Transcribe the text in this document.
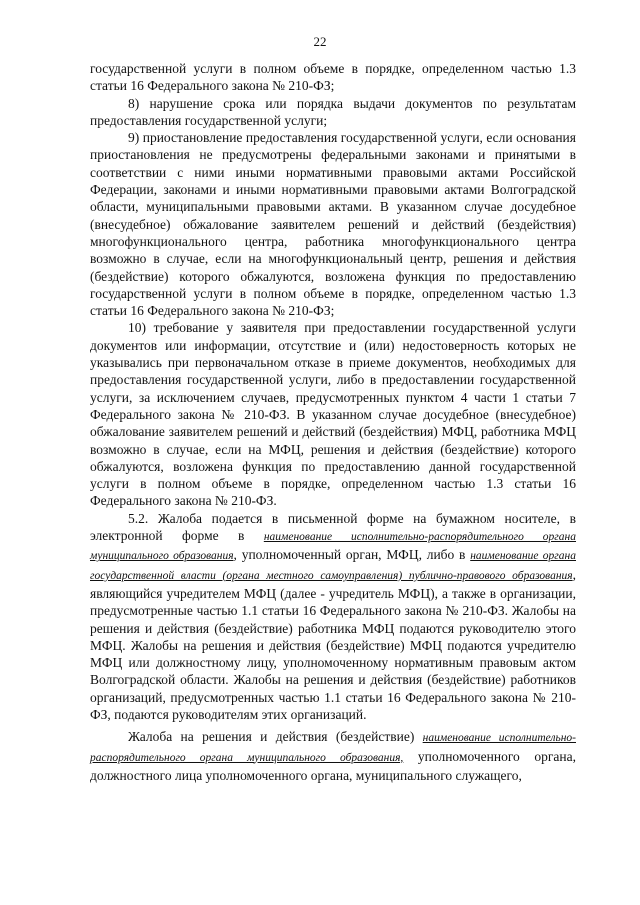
22

государственной услуги в полном объеме в порядке, определенном частью 1.3 статьи 16 Федерального закона № 210-ФЗ;

8) нарушение срока или порядка выдачи документов по результатам предоставления государственной услуги;

9) приостановление предоставления государственной услуги, если основания приостановления не предусмотрены федеральными законами и принятыми в соответствии с ними иными нормативными правовыми актами Российской Федерации, законами и иными нормативными правовыми актами Волгоградской области, муниципальными правовыми актами. В указанном случае досудебное (внесудебное) обжалование заявителем решений и действий (бездействия) многофункционального центра, работника многофункционального центра возможно в случае, если на многофункциональный центр, решения и действия (бездействие) которого обжалуются, возложена функция по предоставлению государственной услуги в полном объеме в порядке, определенном частью 1.3 статьи 16 Федерального закона № 210-ФЗ;

10) требование у заявителя при предоставлении государственной услуги документов или информации, отсутствие и (или) недостоверность которых не указывались при первоначальном отказе в приеме документов, необходимых для предоставления государственной услуги, либо в предоставлении государственной услуги, за исключением случаев, предусмотренных пунктом 4 части 1 статьи 7 Федерального закона № 210-ФЗ. В указанном случае досудебное (внесудебное) обжалование заявителем решений и действий (бездействия) МФЦ, работника МФЦ возможно в случае, если на МФЦ, решения и действия (бездействие) которого обжалуются, возложена функция по предоставлению данной государственной услуги в полном объеме в порядке, определенном частью 1.3 статьи 16 Федерального закона № 210-ФЗ.

5.2. Жалоба подается в письменной форме на бумажном носителе, в электронной форме в наименование исполнительно-распорядительного органа муниципального образования, уполномоченный орган, МФЦ, либо в наименование органа государственной власти (органа местного самоуправления) публично-правового образования, являющийся учредителем МФЦ (далее - учредитель МФЦ), а также в организации, предусмотренные частью 1.1 статьи 16 Федерального закона № 210-ФЗ. Жалобы на решения и действия (бездействие) работника МФЦ подаются руководителю этого МФЦ. Жалобы на решения и действия (бездействие) МФЦ подаются учредителю МФЦ или должностному лицу, уполномоченному нормативным правовым актом Волгоградской области. Жалобы на решения и действия (бездействие) работников организаций, предусмотренных частью 1.1 статьи 16 Федерального закона № 210-ФЗ, подаются руководителям этих организаций.

Жалоба на решения и действия (бездействие) наименование исполнительно-распорядительного органа муниципального образования, уполномоченного органа, должностного лица уполномоченного органа, муниципального служащего,
